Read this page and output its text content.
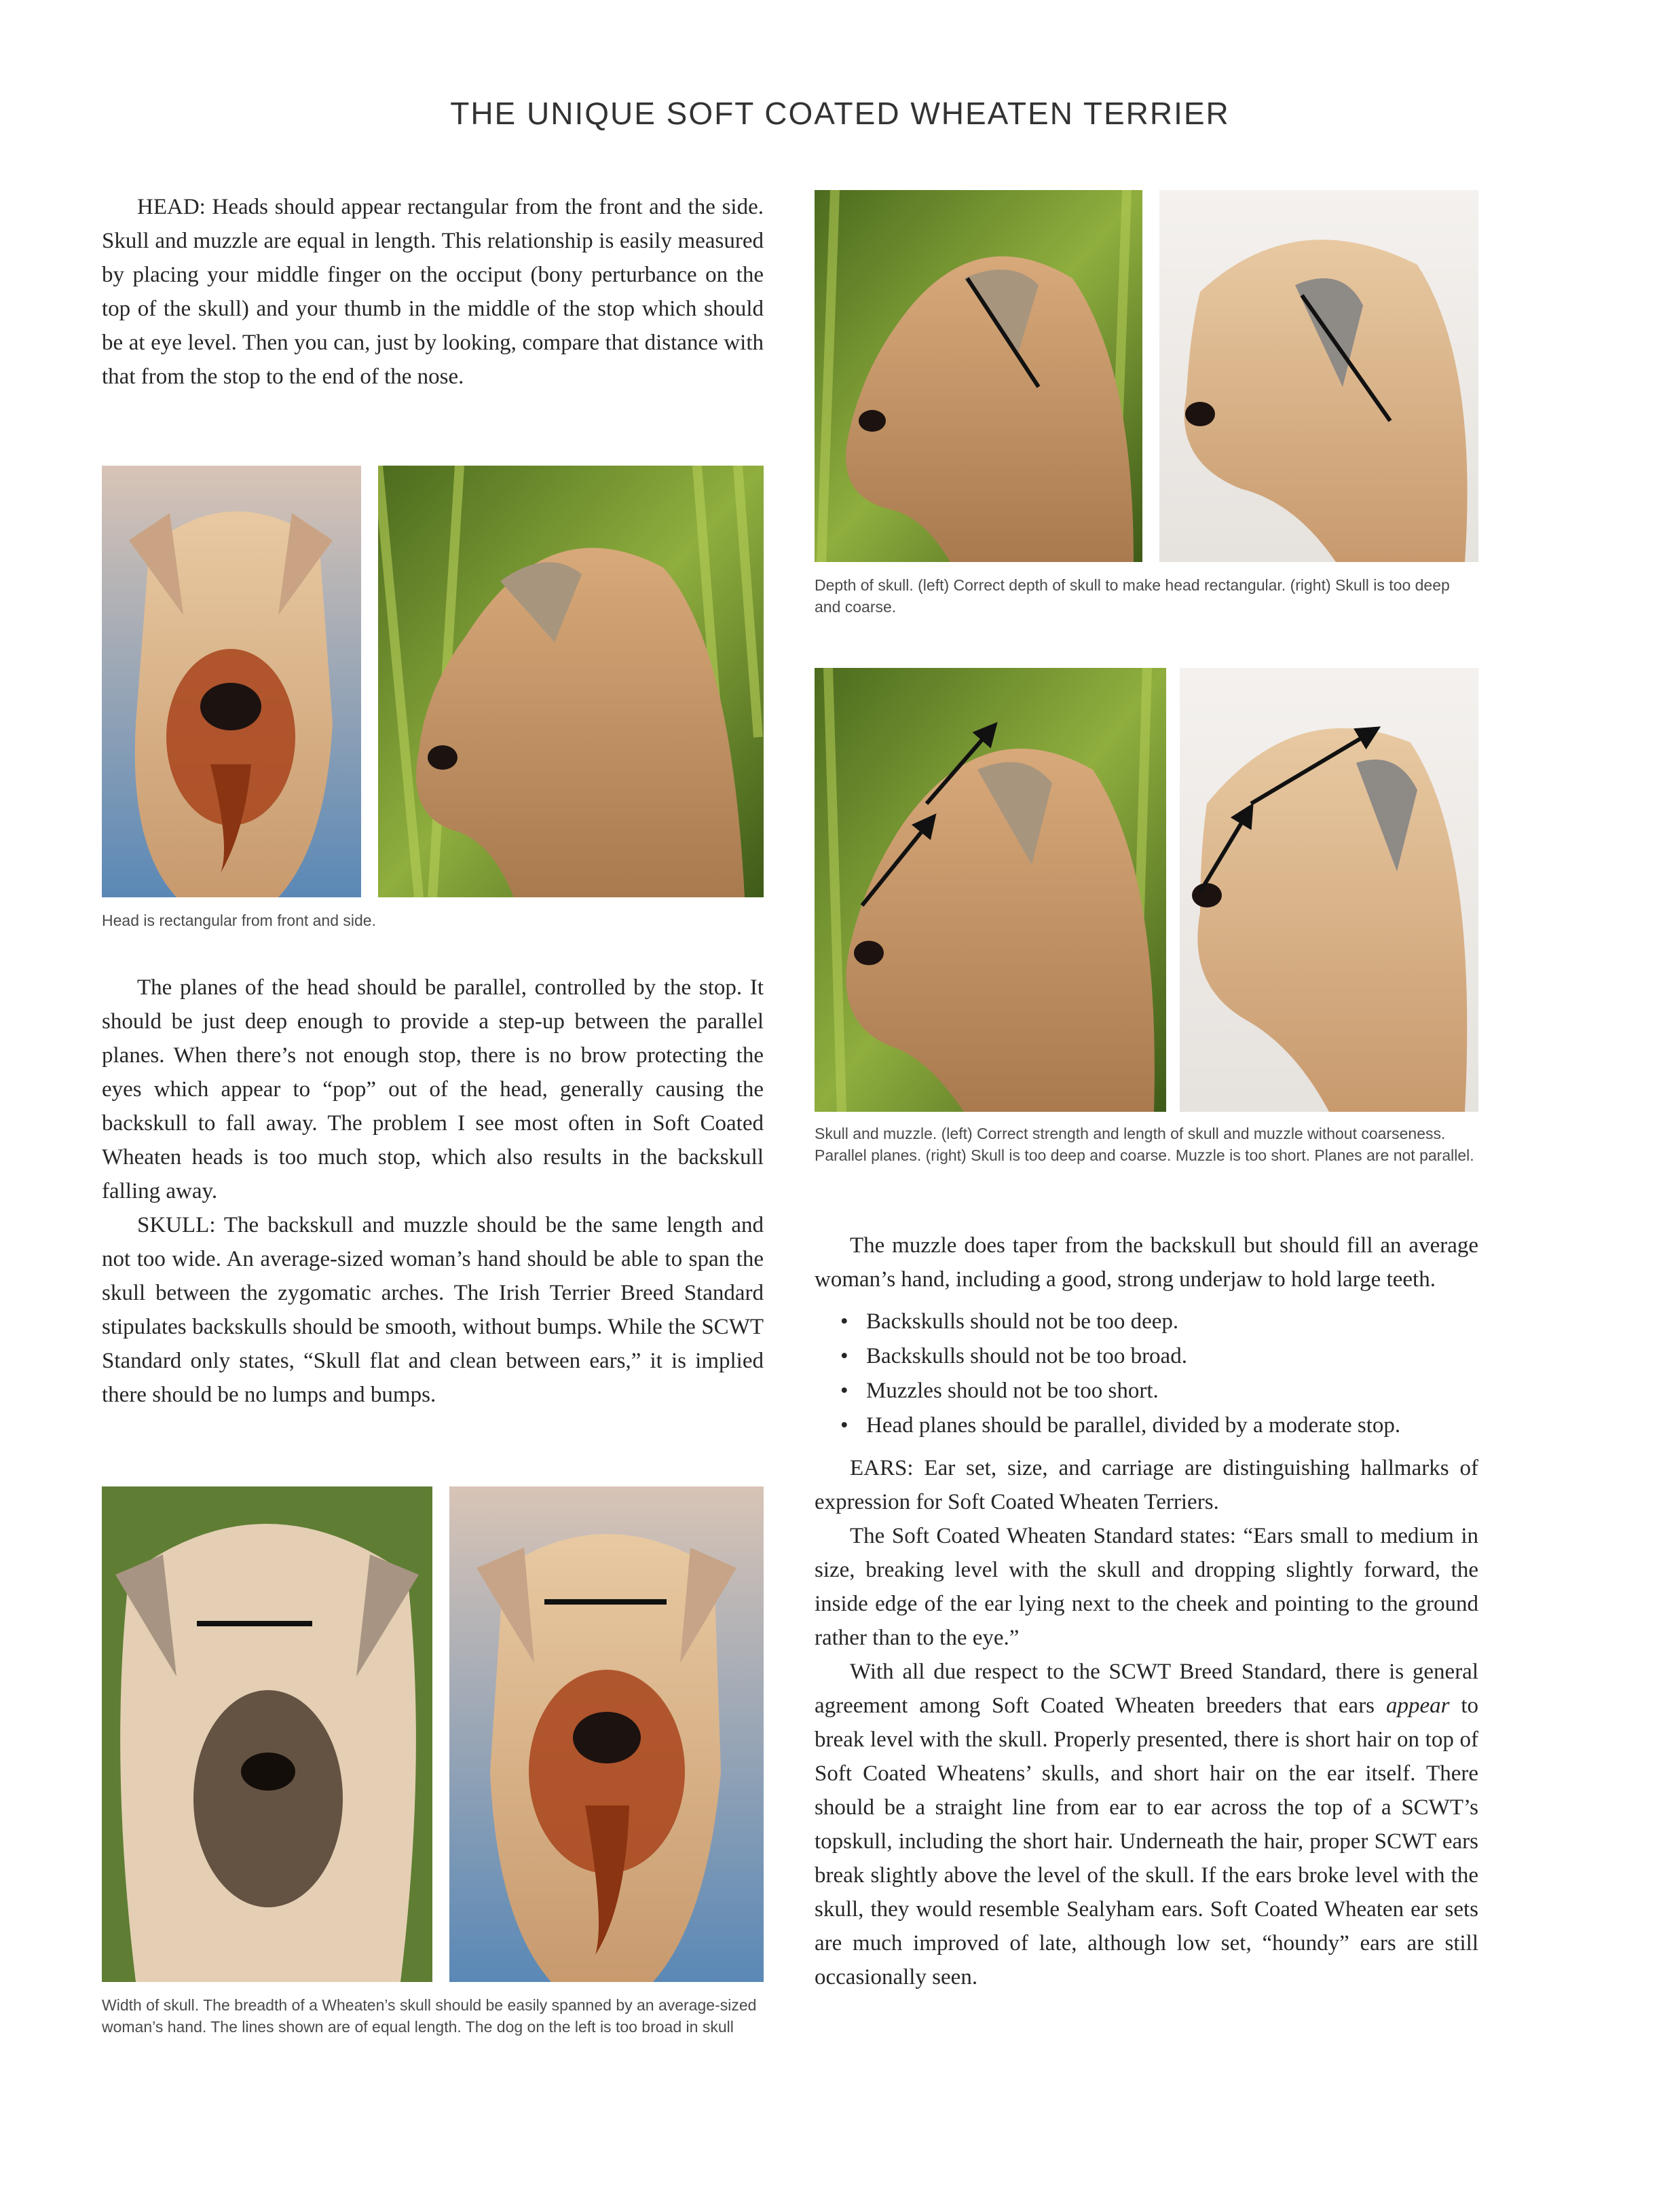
THE UNIQUE SOFT COATED WHEATEN TERRIER

HEAD: Heads should appear rectangular from the front and the side. Skull and muzzle are equal in length. This relationship is easily measured by placing your middle finger on the occiput (bony perturbance on the top of the skull) and your thumb in the middle of the stop which should be at eye level. Then you can, just by looking, compare that distance with that from the stop to the end of the nose.

Head is rectangular from front and side.

The planes of the head should be parallel, controlled by the stop. It should be just deep enough to provide a step-up between the parallel planes. When there’s not enough stop, there is no brow protecting the eyes which appear to “pop” out of the head, generally causing the backskull to fall away. The problem I see most often in Soft Coated Wheaten heads is too much stop, which also results in the backskull falling away.

SKULL: The backskull and muzzle should be the same length and not too wide. An average-sized woman’s hand should be able to span the skull between the zygomatic arches. The Irish Terrier Breed Standard stipulates backskulls should be smooth, without bumps. While the SCWT Standard only states, “Skull flat and clean between ears,” it is implied there should be no lumps and bumps.

Width of skull. The breadth of a Wheaten’s skull should be easily spanned by an average-sized woman’s hand. The lines shown are of equal length. The dog on the left is too broad in skull
Depth of skull. (left) Correct depth of skull to make head rectangular. (right) Skull is too deep and coarse.
Skull and muzzle. (left) Correct strength and length of skull and muzzle without coarseness. Parallel planes. (right) Skull is too deep and coarse. Muzzle is too short. Planes are not parallel.

The muzzle does taper from the backskull but should fill an average woman’s hand, including a good, strong underjaw to hold large teeth.

• Backskulls should not be too deep.
• Backskulls should not be too broad.
• Muzzles should not be too short.
• Head planes should be parallel, divided by a moderate stop.

EARS: Ear set, size, and carriage are distinguishing hallmarks of expression for Soft Coated Wheaten Terriers.

The Soft Coated Wheaten Standard states: “Ears small to medium in size, breaking level with the skull and dropping slightly forward, the inside edge of the ear lying next to the cheek and pointing to the ground rather than to the eye.”

With all due respect to the SCWT Breed Standard, there is general agreement among Soft Coated Wheaten breeders that ears appear to break level with the skull. Properly presented, there is short hair on top of Soft Coated Wheatens’ skulls, and short hair on the ear itself. There should be a straight line from ear to ear across the top of a SCWT’s topskull, including the short hair. Underneath the hair, proper SCWT ears break slightly above the level of the skull. If the ears broke level with the skull, they would resemble Sealyham ears. Soft Coated Wheaten ear sets are much improved of late, although low set, “houndy” ears are still occasionally seen.
